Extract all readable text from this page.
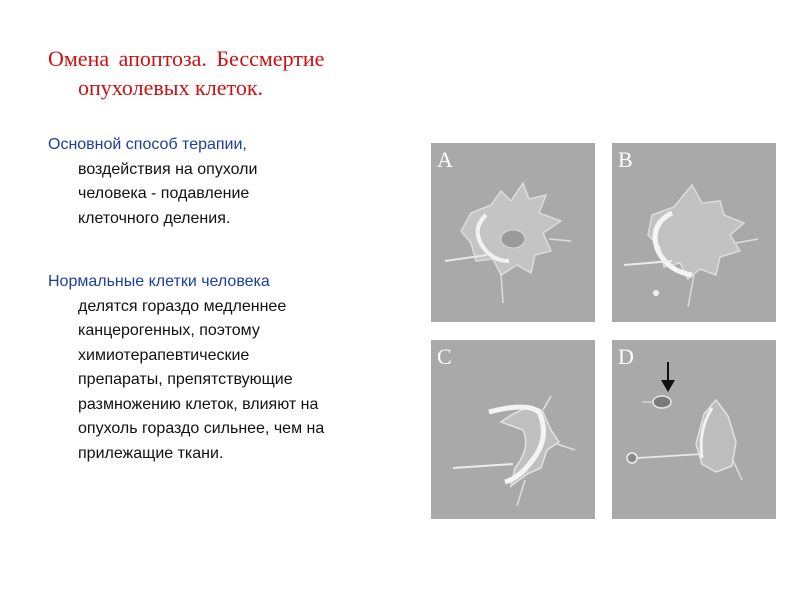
Омена апоптоза. Бессмертие
опухолевых клеток.
Основной способ терапии,
воздействия на опухоли
человека - подавление
клеточного деления.
Нормальные клетки человека
делятся гораздо медленнее
канцерогенных, поэтому
химиотерапевтические
препараты, препятствующие
размножению клеток, влияют на
опухоль гораздо сильнее, чем на
прилежащие ткани.
A	B
C	D
